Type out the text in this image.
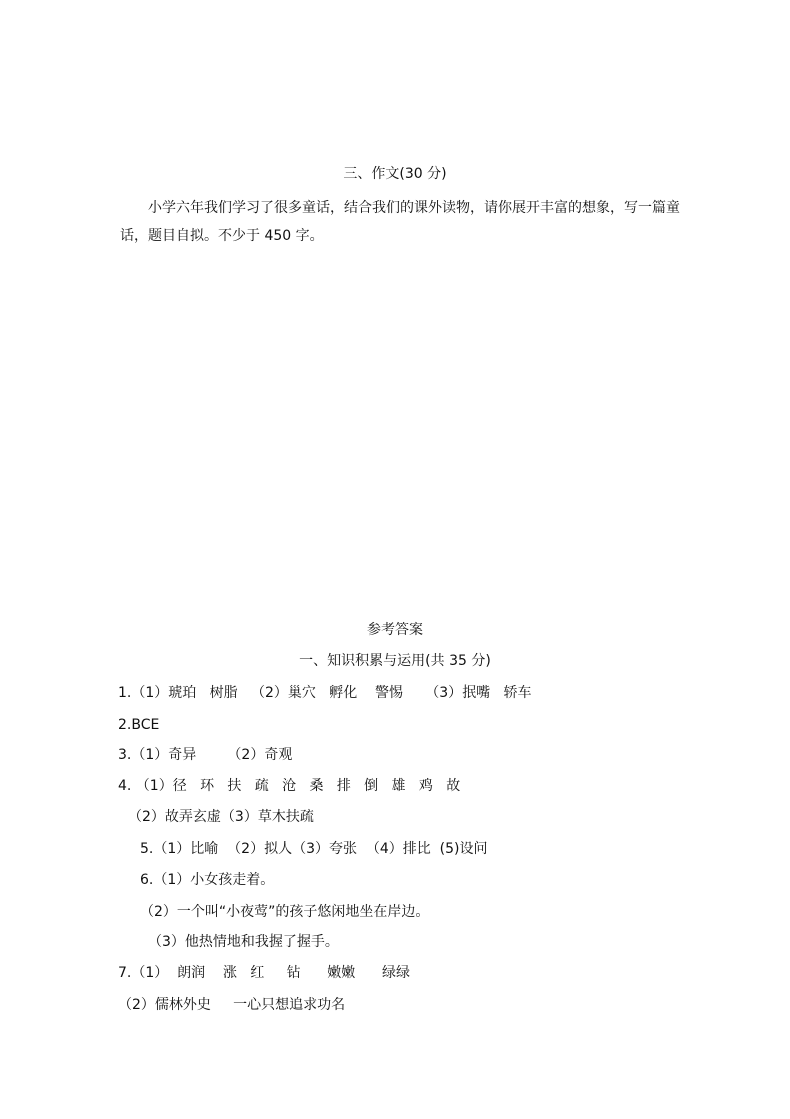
三、作文(30 分)
小学六年我们学习了很多童话，结合我们的课外读物，请你展开丰富的想象，写一篇童话，题目自拟。不少于 450 字。
参考答案
一、知识积累与运用(共 35 分)
1.（1）琥珀   树脂   （2）巢穴   孵化    警惕     （3）抿嘴   轿车
2.BCE
3.（1）奇异       （2）奇观
4. （1）径   环   扶   疏   沧   桑   排   倒   雄   鸡   故
（2）故弄玄虚（3）草木扶疏
5.（1）比喻  （2）拟人（3）夸张  （4）排比  (5)设问
6.（1）小女孩走着。
（2）一个叫“小夜莺”的孩子悠闲地坐在岸边。
（3）他热情地和我握了握手。
7.（1）  朗润    涨   红     钻      嫩嫩      绿绿
（2）儒林外史     一心只想追求功名
